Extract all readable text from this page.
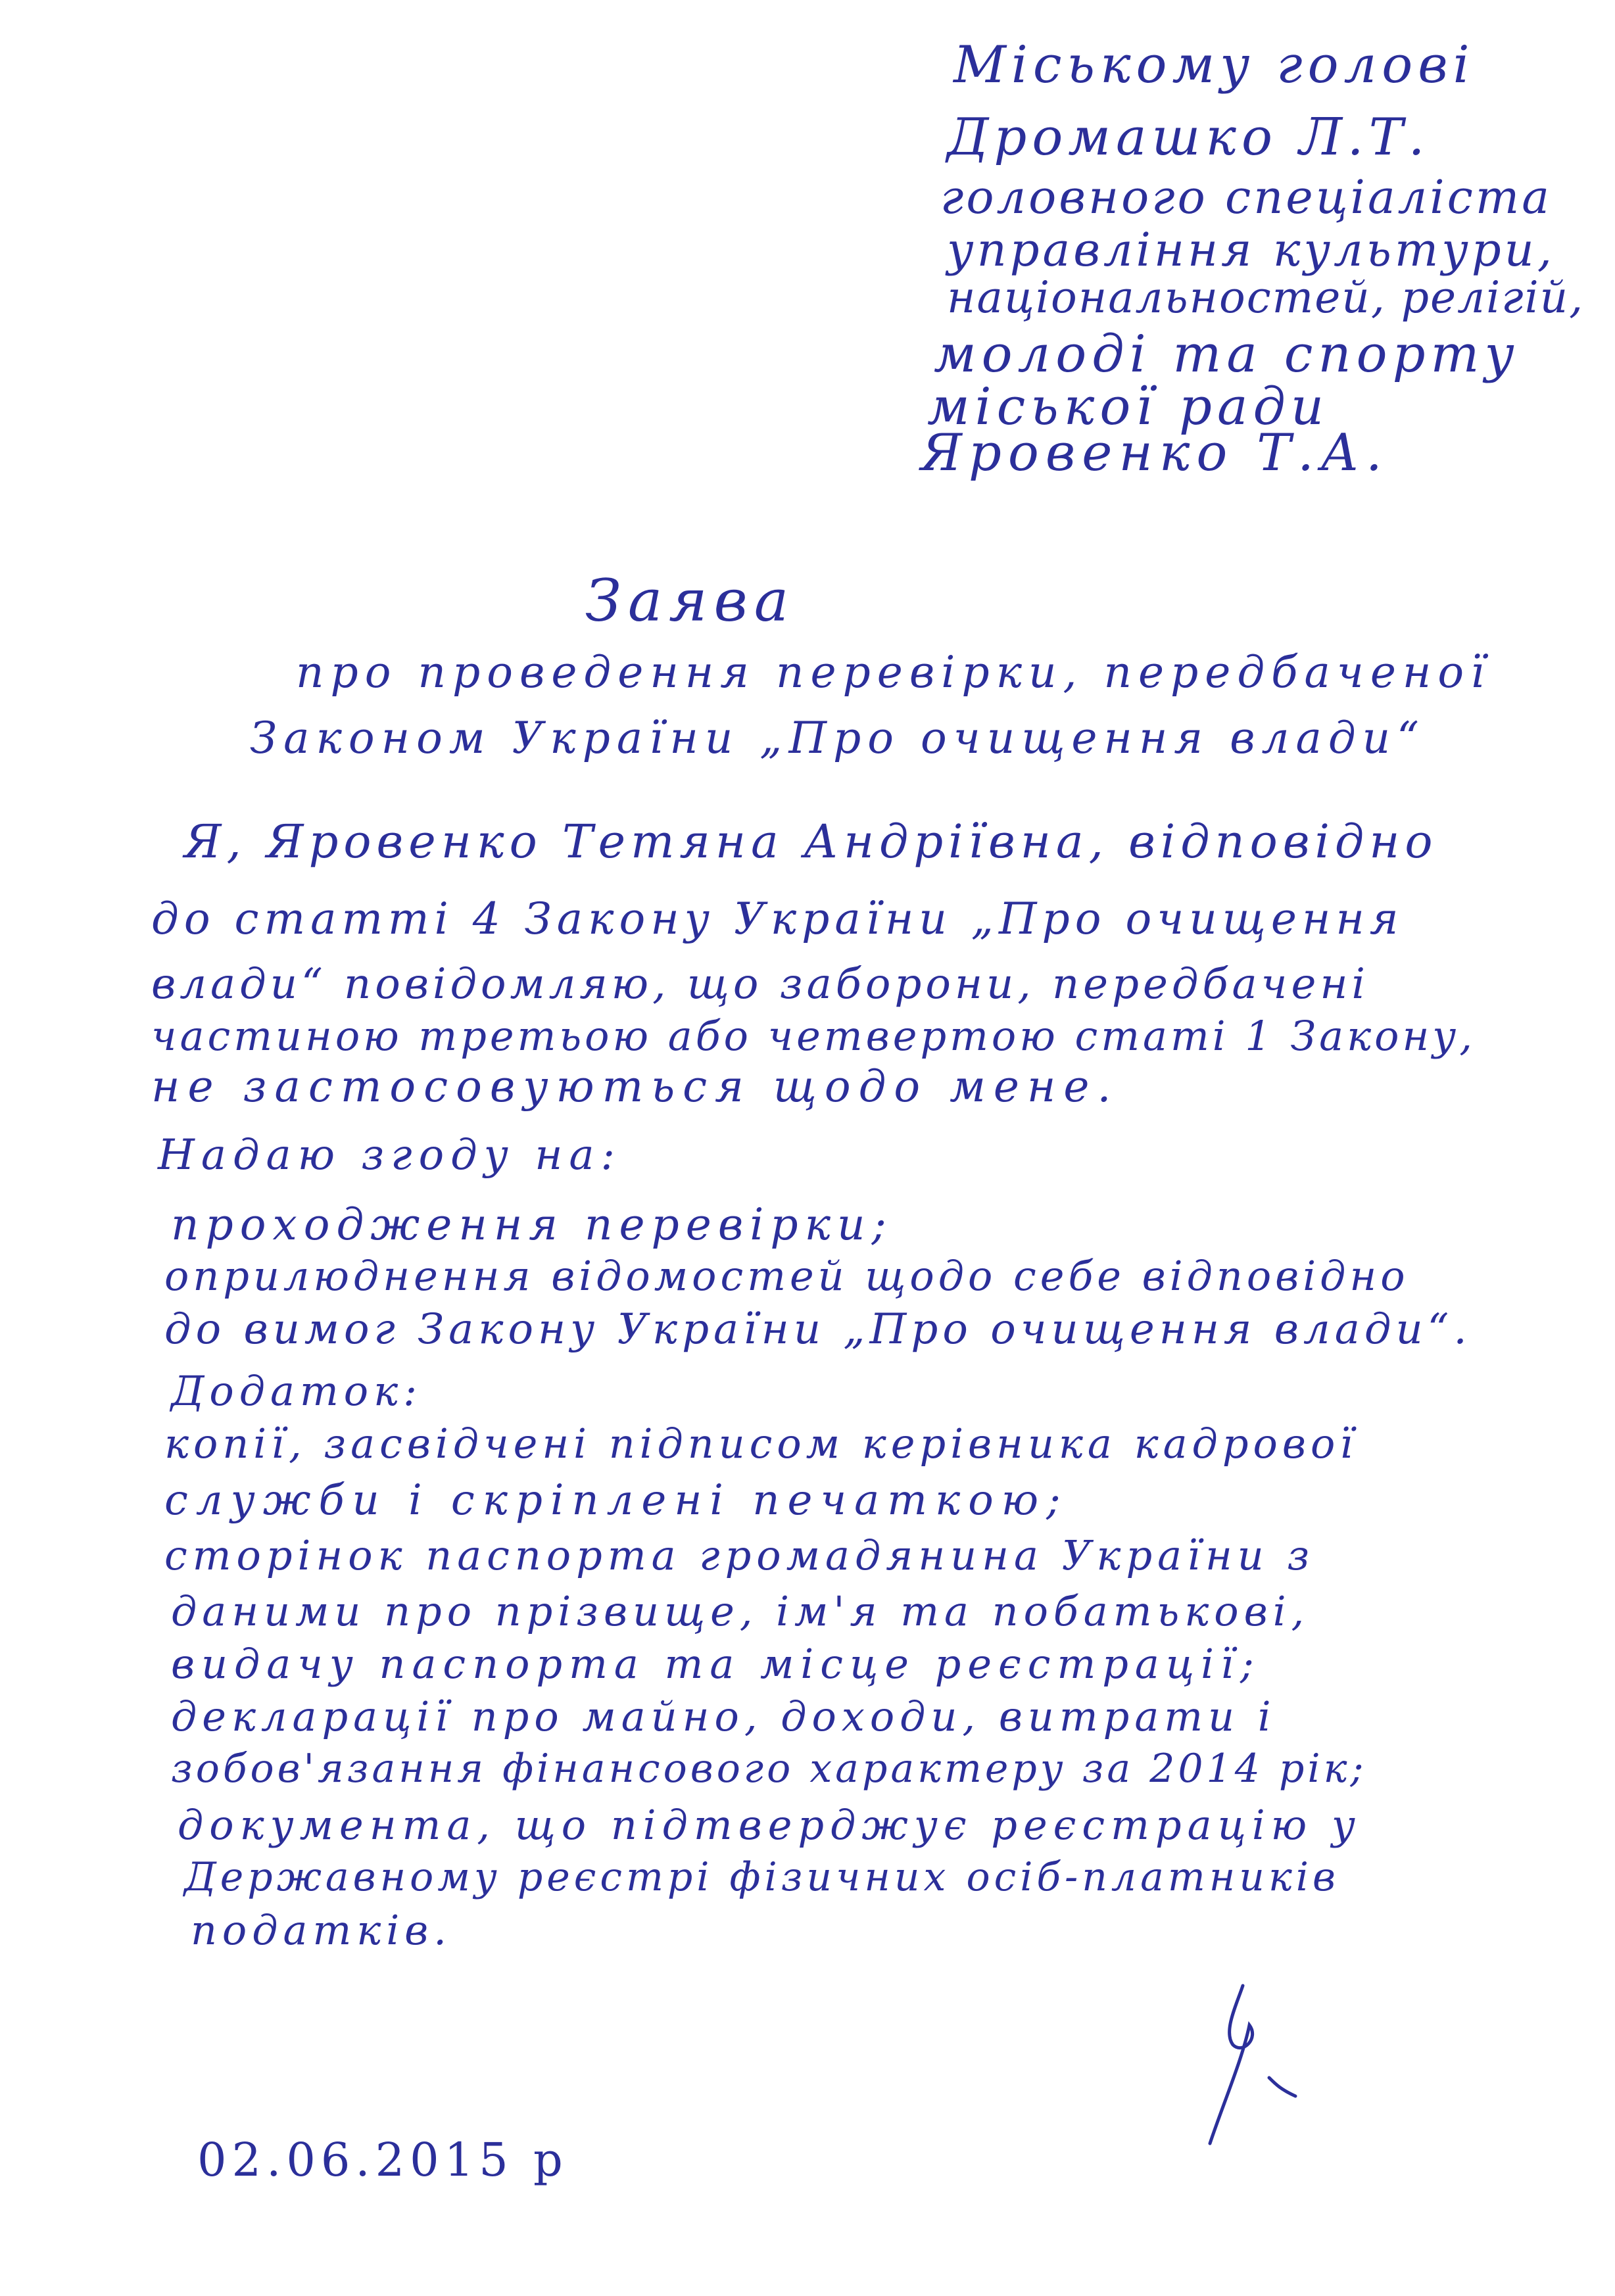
Міському голові
Дромашко Л.Т.
головного спеціаліста
управління культури,
національностей, релігій,
молоді та спорту
міської ради
Яровенко Т.А.
Заява
про проведення перевірки, передбаченої
Законом України „Про очищення влади“
Я, Яровенко Тетяна Андріївна, відповідно
до статті 4 Закону України „Про очищення
влади“ повідомляю, що заборони, передбачені
частиною третьою або четвертою статі 1 Закону,
не застосовуються щодо мене.
Надаю згоду на:
проходження перевірки;
оприлюднення відомостей щодо себе відповідно
до вимог Закону України „Про очищення влади“.
Додаток:
копії, засвідчені підписом керівника кадрової
служби і скріплені печаткою;
сторінок паспорта громадянина України з
даними про прізвище, ім'я та побатькові,
видачу паспорта та місце реєстрації;
декларації про майно, доходи, витрати і
зобов'язання фінансового характеру за 2014 рік;
документа, що підтверджує реєстрацію у
Державному реєстрі фізичних осіб-платників
податків.
02.06.2015 р
